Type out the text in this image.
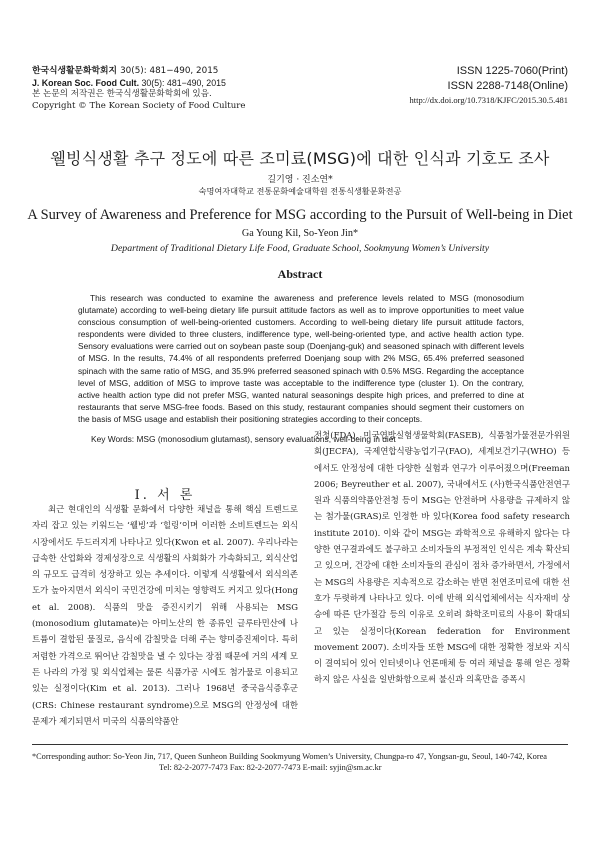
한국식생활문화학회지 30(5): 481−490, 2015
J. Korean Soc. Food Cult. 30(5): 481−490, 2015
본 논문의 저작권은 한국식생활문화학회에 있음.
Copyright © The Korean Society of Food Culture
ISSN 1225-7060(Print)
ISSN 2288-7148(Online)
http://dx.doi.org/10.7318/KJFC/2015.30.5.481
웰빙식생활 추구 정도에 따른 조미료(MSG)에 대한 인식과 기호도 조사
길기영 · 진소연*
숙명여자대학교 전통문화예술대학원 전통식생활문화전공
A Survey of Awareness and Preference for MSG according to the Pursuit of Well-being in Diet
Ga Young Kil, So-Yeon Jin*
Department of Traditional Dietary Life Food, Graduate School, Sookmyung Women’s University
Abstract

This research was conducted to examine the awareness and preference levels related to MSG (monosodium glutamate) according to well-being dietary life pursuit attitude factors as well as to improve opportunities to meet value conscious consumption of well-being-oriented customers. According to well-being dietary life pursuit attitude factors, respondents were divided to three clusters, indifference type, well-being-oriented type, and active health action type. Sensory evaluations were carried out on soybean paste soup (Doenjang-guk) and seasoned spinach with different levels of MSG. In the results, 74.4% of all respondents preferred Doenjang soup with 2% MSG, 65.4% preferred seasoned spinach with the same ratio of MSG, and 35.9% preferred seasoned spinach with 0.5% MSG. Regarding the acceptance level of MSG, addition of MSG to improve taste was acceptable to the indifference type (cluster 1). On the contrary, active health action type did not prefer MSG, wanted natural seasonings despite high prices, and preferred to dine at restaurants that serve MSG-free foods. Based on this study, restaurant companies should segment their customers on the basis of MSG usage and establish their positioning strategies according to their concepts.

Key Words: MSG (monosodium glutamast), sensory evaluations, well-being in diet
I. 서 론

최근 현대인의 식생활 문화에서 다양한 채널을 통해 핵심 트렌드로 자리 잡고 있는 키워드는 ‘웰빙’과 ‘힐링’이며 이러한 소비트렌드는 외식시장에서도 두드러지게 나타나고 있다(Kwon et al. 2007). 우리나라는 급속한 산업화와 경제성장으로 식생활의 사회화가 가속화되고, 외식산업의 규모도 급격히 성장하고 있는 추세이다. 이렇게 식생활에서 외식의존도가 높아지면서 외식이 국민건강에 미치는 영향력도 커지고 있다(Hong et al. 2008). 식품의 맛을 증진시키기 위해 사용되는 MSG (monosodium glutamate)는 아미노산의 한 종류인 글루타민산에 나트륨이 결합된 물질로, 음식에 감칠맛을 더해 주는 향미증진제이다. 특히 저렴한 가격으로 뛰어난 감칠맛을 낼 수 있다는 장점 때문에 거의 세계 모든 나라의 가정 및 외식업체는 물론 식품가공 시에도 첨가물로 이용되고 있는 실정이다(Kim et al. 2013). 그러나 1968년 중국음식증후군(CRS: Chinese restaurant syndrome)으로 MSG의 안정성에 대한 문제가 제기되면서 미국의 식품의약품안

전청(FDA), 미국연방실험생물학회(FASEB), 식품첨가물전문가위원회(JECFA), 국제연합식량농업기구(FAO), 세계보건기구(WHO) 등에서도 안정성에 대한 다양한 실험과 연구가 이루어졌으며(Freeman 2006; Beyreuther et al. 2007), 국내에서도 (사)한국식품안전연구원과 식품의약품안전청 등이 MSG는 안전하며 사용량을 규제하지 않는 첨가물(GRAS)로 인정한 바 있다(Korea food safety research institute 2010). 이와 같이 MSG는 과학적으로 유해하지 않다는 다양한 연구결과에도 불구하고 소비자들의 부정적인 인식은 계속 확산되고 있으며, 건강에 대한 소비자들의 관심이 점차 증가하면서, 가정에서는 MSG의 사용량은 지속적으로 감소하는 반면 천연조미료에 대한 선호가 두렷하게 나타나고 있다. 이에 반해 외식업체에서는 식자재비 상승에 따른 단가절감 등의 이유로 오히려 화학조미료의 사용이 확대되고 있는 실정이다(Korean federation for Environment movement 2007). 소비자들 또한 MSG에 대한 정확한 정보와 지식이 결여되어 있어 인터넷이나 언론매체 등 여러 채널을 통해 얻은 정확하지 않은 사실을 일반화함으로써 불신과 의혹만을 증폭시

*Corresponding author: So-Yeon Jin, 717, Queen Sunheon Building Sookmyung Women’s University, Chungpa-ro 47, Yongsan-gu, Seoul, 140-742, Korea
Tel: 82-2-2077-7473 Fax: 82-2-2077-7473 E-mail: syjin@sm.ac.kr
